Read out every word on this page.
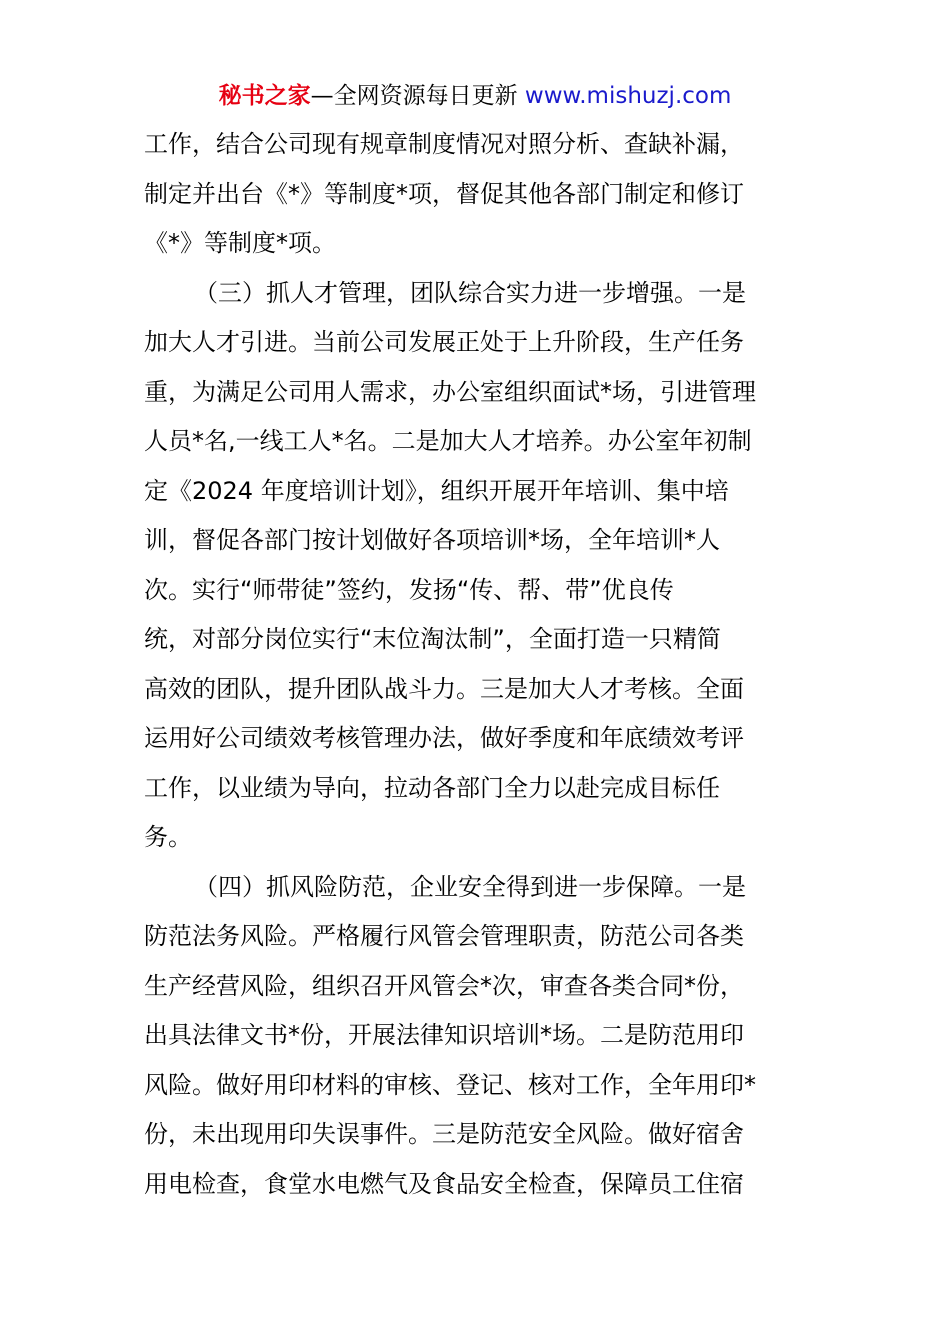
秘书之家—全网资源每日更新 www.mishuzj.com
工作，结合公司现有规章制度情况对照分析、查缺补漏，
制定并出台《*》等制度*项，督促其他各部门制定和修订
《*》等制度*项。
（三）抓人才管理，团队综合实力进一步增强。一是
加大人才引进。当前公司发展正处于上升阶段，生产任务
重，为满足公司用人需求，办公室组织面试*场，引进管理
人员*名,一线工人*名。二是加大人才培养。办公室年初制
定《2024 年度培训计划》，组织开展开年培训、集中培
训，督促各部门按计划做好各项培训*场，全年培训*人
次。实行“师带徒”签约，发扬“传、帮、带”优良传
统，对部分岗位实行“末位淘汰制”，全面打造一只精简
高效的团队，提升团队战斗力。三是加大人才考核。全面
运用好公司绩效考核管理办法，做好季度和年底绩效考评
工作，以业绩为导向，拉动各部门全力以赴完成目标任
务。
（四）抓风险防范，企业安全得到进一步保障。一是
防范法务风险。严格履行风管会管理职责，防范公司各类
生产经营风险，组织召开风管会*次，审查各类合同*份，
出具法律文书*份，开展法律知识培训*场。二是防范用印
风险。做好用印材料的审核、登记、核对工作，全年用印*
份，未出现用印失误事件。三是防范安全风险。做好宿舍
用电检查，食堂水电燃气及食品安全检查，保障员工住宿
